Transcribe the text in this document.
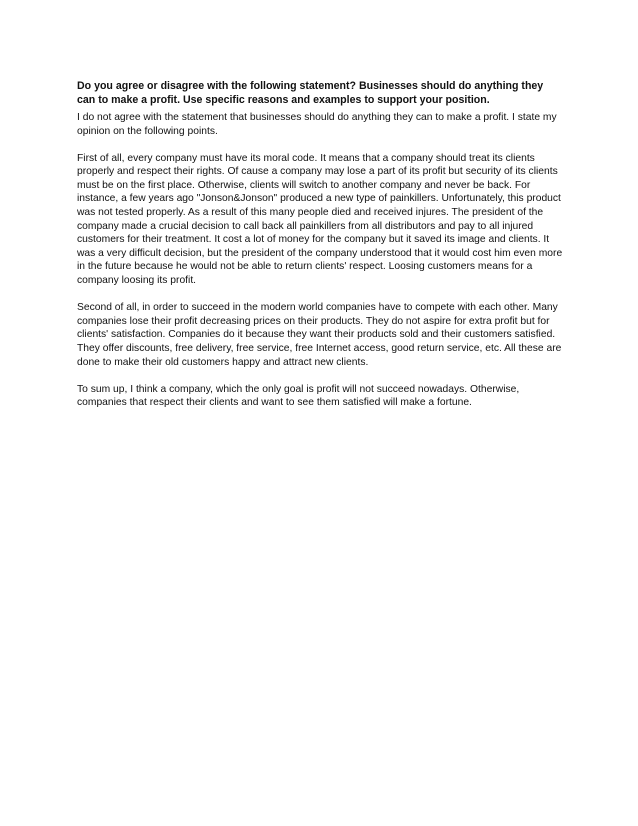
Do you agree or disagree with the following statement? Businesses should do anything they can to make a profit. Use specific reasons and examples to support your position.

I do not agree with the statement that businesses should do anything they can to make a profit. I state my opinion on the following points.

First of all, every company must have its moral code. It means that a company should treat its clients properly and respect their rights. Of cause a company may lose a part of its profit but security of its clients must be on the first place. Otherwise, clients will switch to another company and never be back. For instance, a few years ago "Jonson&Jonson" produced a new type of painkillers. Unfortunately, this product was not tested properly. As a result of this many people died and received injures. The president of the company made a crucial decision to call back all painkillers from all distributors and pay to all injured customers for their treatment. It cost a lot of money for the company but it saved its image and clients. It was a very difficult decision, but the president of the company understood that it would cost him even more in the future because he would not be able to return clients' respect. Loosing customers means for a company loosing its profit.

Second of all, in order to succeed in the modern world companies have to compete with each other. Many companies lose their profit decreasing prices on their products. They do not aspire for extra profit but for clients' satisfaction. Companies do it because they want their products sold and their customers satisfied. They offer discounts, free delivery, free service, free Internet access, good return service, etc. All these are done to make their old customers happy and attract new clients.

To sum up, I think a company, which the only goal is profit will not succeed nowadays. Otherwise, companies that respect their clients and want to see them satisfied will make a fortune.
